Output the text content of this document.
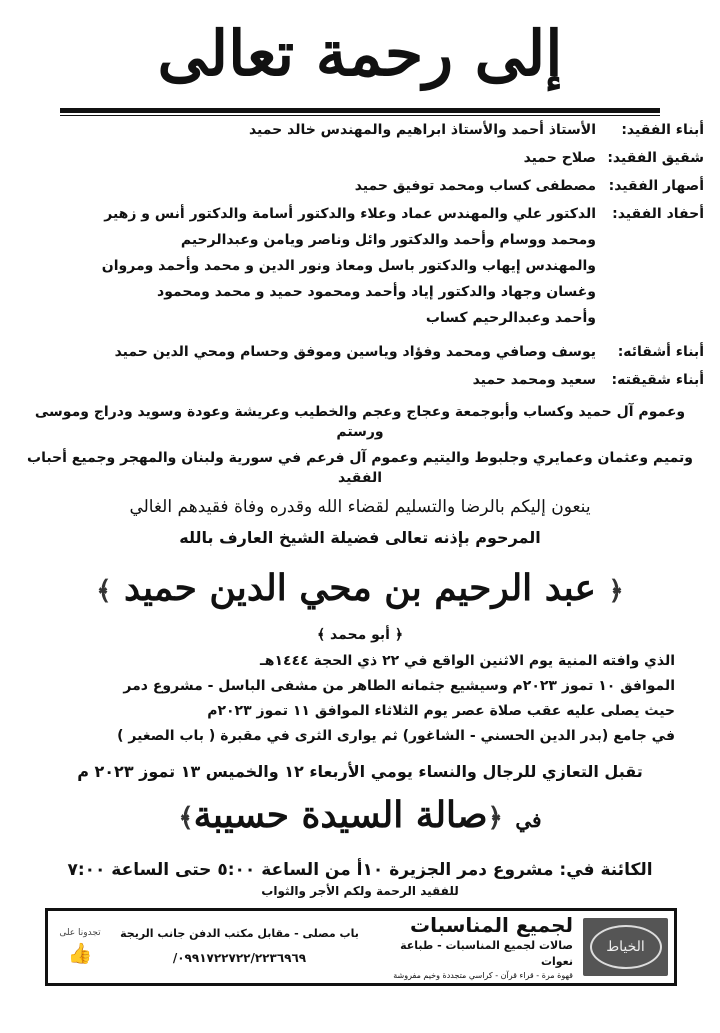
إلى رحمة تعالى
أبناء الفقيد:
الأستاذ أحمد والأستاذ ابراهيم والمهندس خالد حميد
شقيق الفقيد:
صلاح حميد
أصهار الفقيد:
مصطفى كساب ومحمد توفيق حميد
أحفاد الفقيد:
الدكتور علي والمهندس عماد وعلاء والدكتور أسامة والدكتور أنس و زهير
ومحمد ووسام وأحمد والدكتور وائل وناصر ويامن وعبدالرحيم
والمهندس إيهاب والدكتور باسل ومعاذ ونور الدين و محمد وأحمد ومروان
وغسان وجهاد والدكتور إياد وأحمد ومحمود حميد و محمد ومحمود
وأحمد وعبدالرحيم كساب
أبناء أشقائه:
يوسف وصافي ومحمد وفؤاد وياسين وموفق وحسام ومحي الدين حميد
أبناء شقيقته:
سعيد ومحمد حميد
وعموم آل حميد وكساب وأبوجمعة وعجاج وعجم والخطيب وعريشة وعودة وسويد ودراج وموسى ورستم
وتميم وعثمان وعمايري وجلبوط واليتيم وعموم آل فرعم في سورية ولبنان والمهجر وجميع أحباب الفقيد
ينعون إليكم بالرضا والتسليم لقضاء الله وقدره وفاة فقيدهم الغالي
المرحوم بإذنه تعالى فضيلة الشيخ العارف بالله
﴿ عبد الرحيم بن محي الدين حميد ﴾
﴿ أبو محمد ﴾
الذي وافته المنية يوم الاثنين الواقع في ٢٢ ذي الحجة ١٤٤٤هـ
الموافق ١٠ تموز ٢٠٢٣م وسيشيع جثمانه الطاهر من مشفى الباسل - مشروع دمر
حيث يصلى عليه عقب صلاة عصر يوم الثلاثاء الموافق ١١ تموز ٢٠٢٣م
في جامع (بدر الدين الحسني - الشاغور) ثم يوارى الثرى في مقبرة ( باب الصغير )
تقبل التعازي للرجال والنساء يومي الأربعاء ١٢ والخميس ١٣ تموز ٢٠٢٣ م
في ﴿صالة السيدة حسيبة﴾
الكائنة في: مشروع دمر الجزيرة ١٠أ من الساعة ٥:٠٠ حتى الساعة ٧:٠٠
للفقيد الرحمة ولكم الأجر والثواب
الخياط
لجميع المناسبات
صالات لجميع المناسبات - طباعة نعوات
قهوة مرة - قراء قرآن - كراسي متجددة وخيم مفروشة
باب مصلى - مقابل مكتب الدفن جانب الريجة
٠٩٩١٧٢٢٧٢٢/٢٢٣٦٩٦٩/
تجدونا على
👍
